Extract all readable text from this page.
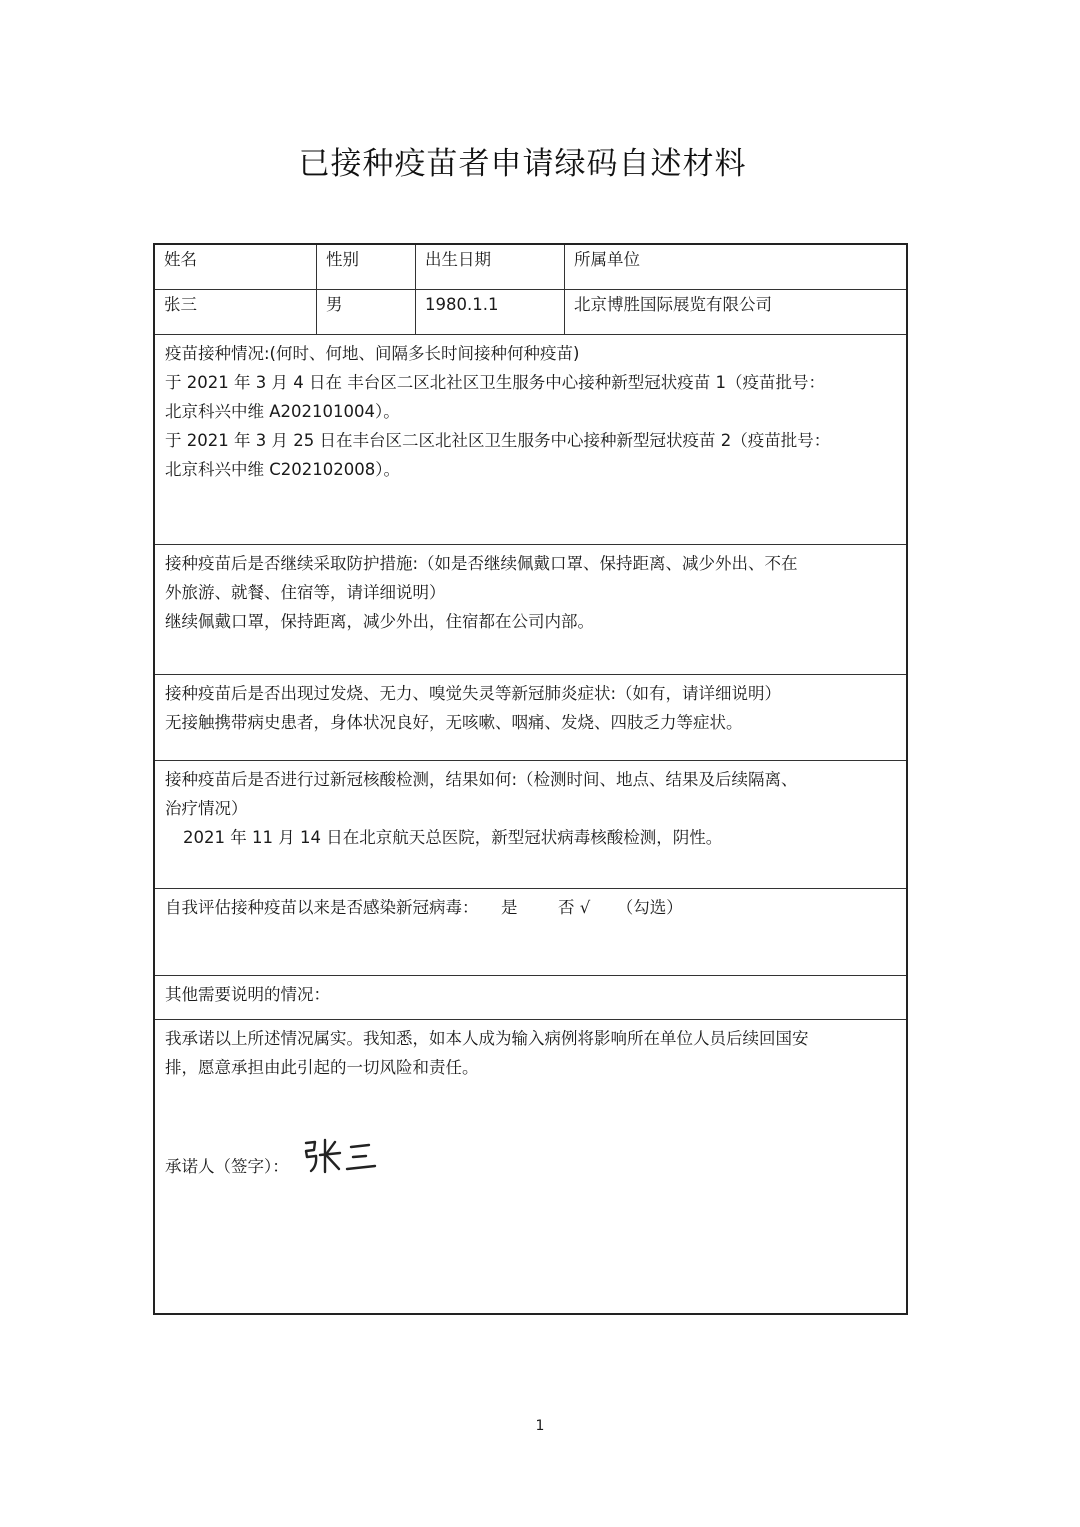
已接种疫苗者申请绿码自述材料
姓名	性别	出生日期	所属单位
张三	男	1980.1.1	北京博胜国际展览有限公司

疫苗接种情况:(何时、何地、间隔多长时间接种何种疫苗)

于 2021 年 3 月 4 日在 丰台区二区北社区卫生服务中心接种新型冠状疫苗 1（疫苗批号：

北京科兴中维 A202101004）。

于 2021 年 3 月 25 日在丰台区二区北社区卫生服务中心接种新型冠状疫苗 2（疫苗批号：

北京科兴中维 C202102008）。

接种疫苗后是否继续采取防护措施:（如是否继续佩戴口罩、保持距离、减少外出、不在

外旅游、就餐、住宿等，请详细说明）

继续佩戴口罩，保持距离，减少外出，住宿都在公司内部。

接种疫苗后是否出现过发烧、无力、嗅觉失灵等新冠肺炎症状:（如有，请详细说明）

无接触携带病史患者，身体状况良好，无咳嗽、咽痛、发烧、四肢乏力等症状。

接种疫苗后是否进行过新冠核酸检测，结果如何:（检测时间、地点、结果及后续隔离、

治疗情况）

2021 年 11 月 14 日在北京航天总医院，新型冠状病毒核酸检测，阴性。

自我评估接种疫苗以来是否感染新冠病毒： 是 否 √ （勾选）

其他需要说明的情况：

我承诺以上所述情况属实。我知悉，如本人成为输入病例将影响所在单位人员后续回国安

排，愿意承担由此引起的一切风险和责任。

承诺人（签字）：
1
